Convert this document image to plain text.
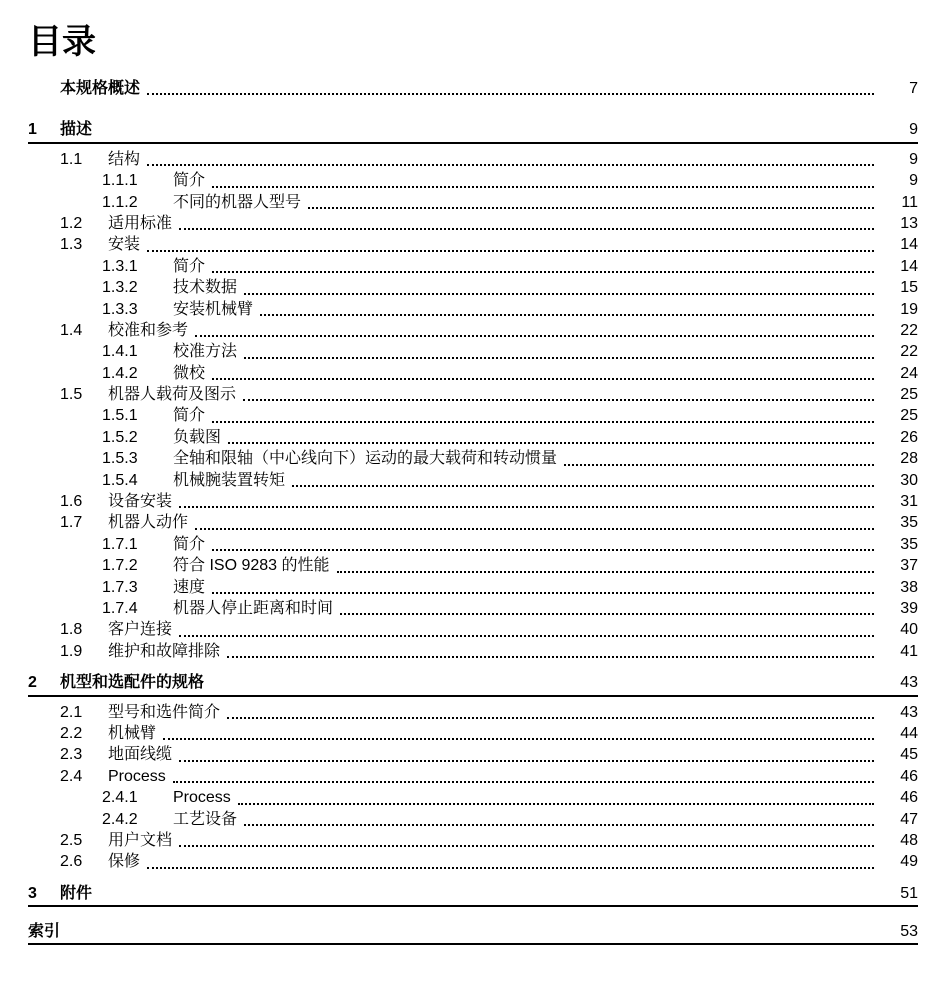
目录
本规格概述	7
1	描述	9
1.1	结构	9
1.1.1	简介	9
1.1.2	不同的机器人型号	11
1.2	适用标准	13
1.3	安装	14
1.3.1	简介	14
1.3.2	技术数据	15
1.3.3	安装机械臂	19
1.4	校准和参考	22
1.4.1	校准方法	22
1.4.2	微校	24
1.5	机器人载荷及图示	25
1.5.1	简介	25
1.5.2	负载图	26
1.5.3	全轴和限轴（中心线向下）运动的最大载荷和转动惯量	28
1.5.4	机械腕装置转矩	30
1.6	设备安装	31
1.7	机器人动作	35
1.7.1	简介	35
1.7.2	符合 ISO 9283 的性能	37
1.7.3	速度	38
1.7.4	机器人停止距离和时间	39
1.8	客户连接	40
1.9	维护和故障排除	41
2	机型和选配件的规格	43
2.1	型号和选件简介	43
2.2	机械臂	44
2.3	地面线缆	45
2.4	Process	46
2.4.1	Process	46
2.4.2	工艺设备	47
2.5	用户文档	48
2.6	保修	49
3	附件	51
索引	53
